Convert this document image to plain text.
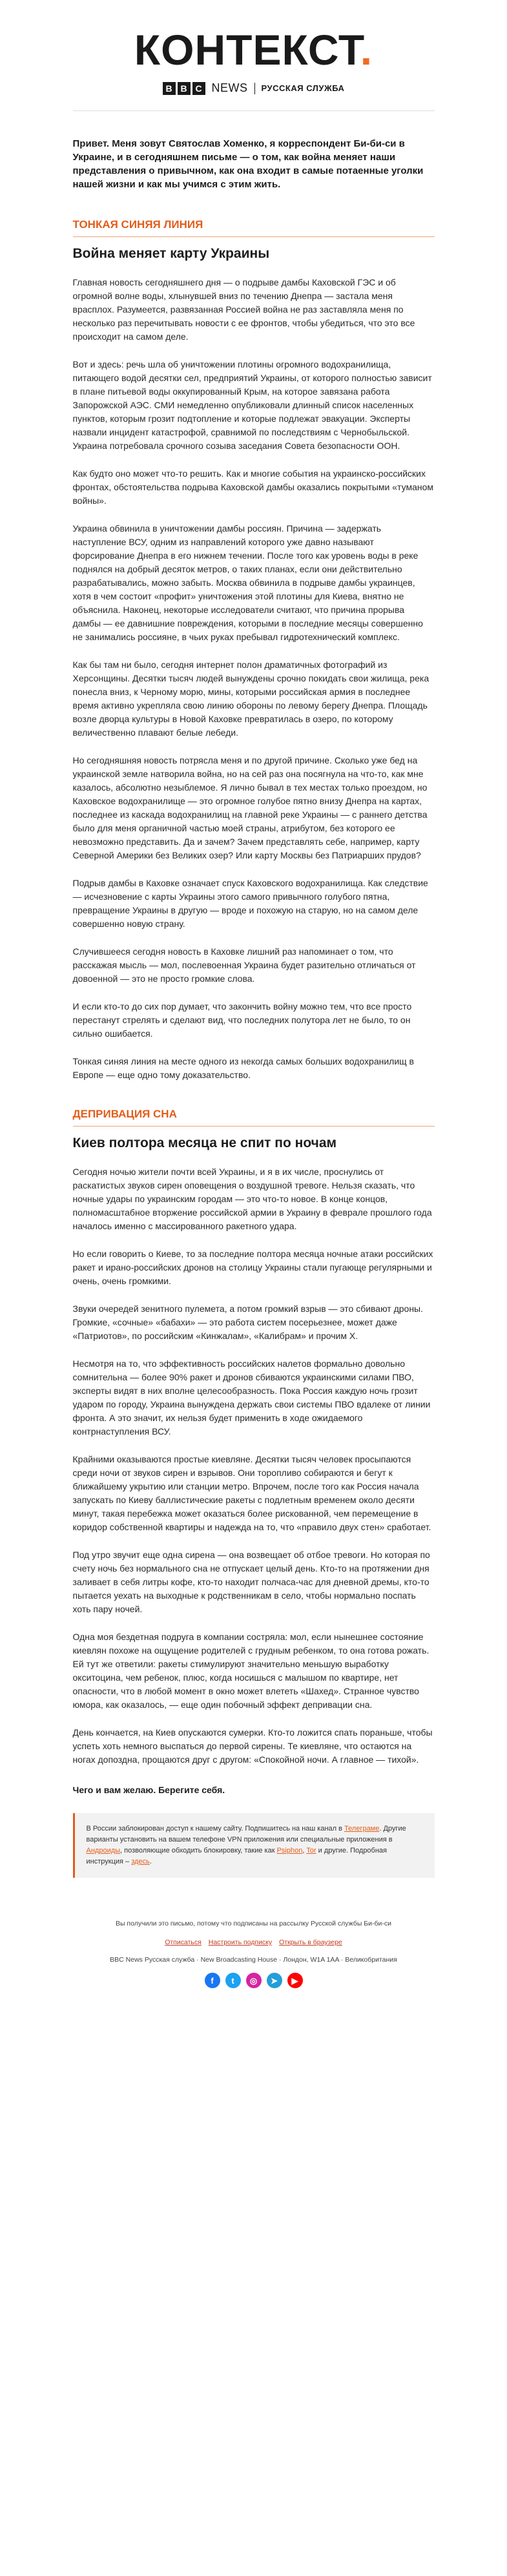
КОНТЕКСТ.
B B C NEWS РУССКАЯ СЛУЖБА

Привет. Меня зовут Святослав Хоменко, я корреспондент Би-би-си в Украине, и в сегодняшнем письме — о том, как война меняет наши представления о привычном, как она входит в самые потаенные уголки нашей жизни и как мы учимся с этим жить.

ТОНКАЯ СИНЯЯ ЛИНИЯ
Война меняет карту Украины

Главная новость сегодняшнего дня — о подрыве дамбы Каховской ГЭС и об огромной волне воды, хлынувшей вниз по течению Днепра — застала меня врасплох. Разумеется, развязанная Россией война не раз заставляла меня по несколько раз перечитывать новости с ее фронтов, чтобы убедиться, что это все происходит на самом деле.

Вот и здесь: речь шла об уничтожении плотины огромного водохранилища, питающего водой десятки сел, предприятий Украины, от которого полностью зависит в плане питьевой воды оккупированный Крым, на которое завязана работа Запорожской АЭС. СМИ немедленно опубликовали длинный список населенных пунктов, которым грозит подтопление и которые подлежат эвакуации. Эксперты назвали инцидент катастрофой, сравнимой по последствиям с Чернобыльской. Украина потребовала срочного созыва заседания Совета безопасности ООН.

Как будто оно может что-то решить. Как и многие события на украинско-российских фронтах, обстоятельства подрыва Каховской дамбы оказались покрытыми «туманом войны».

Украина обвинила в уничтожении дамбы россиян. Причина — задержать наступление ВСУ, одним из направлений которого уже давно называют форсирование Днепра в его нижнем течении. После того как уровень воды в реке поднялся на добрый десяток метров, о таких планах, если они действительно разрабатывались, можно забыть. Москва обвинила в подрыве дамбы украинцев, хотя в чем состоит «профит» уничтожения этой плотины для Киева, внятно не объяснила. Наконец, некоторые исследователи считают, что причина прорыва дамбы — ее давнишние повреждения, которыми в последние месяцы совершенно не занимались россияне, в чьих руках пребывал гидротехнический комплекс.

Как бы там ни было, сегодня интернет полон драматичных фотографий из Херсонщины. Десятки тысяч людей вынуждены срочно покидать свои жилища, река понесла вниз, к Черному морю, мины, которыми российская армия в последнее время активно укрепляла свою линию обороны по левому берегу Днепра. Площадь возле дворца культуры в Новой Каховке превратилась в озеро, по которому величественно плавают белые лебеди.

Но сегодняшняя новость потрясла меня и по другой причине. Сколько уже бед на украинской земле натворила война, но на сей раз она посягнула на что-то, как мне казалось, абсолютно незыблемое. Я лично бывал в тех местах только проездом, но Каховское водохранилище — это огромное голубое пятно внизу Днепра на картах, последнее из каскада водохранилищ на главной реке Украины — с раннего детства было для меня органичной частью моей страны, атрибутом, без которого ее невозможно представить. Да и зачем? Зачем представлять себе, например, карту Северной Америки без Великих озер? Или карту Москвы без Патриарших прудов?

Подрыв дамбы в Каховке означает спуск Каховского водохранилища. Как следствие — исчезновение с карты Украины этого самого привычного голубого пятна, превращение Украины в другую — вроде и похожую на старую, но на самом деле совершенно новую страну.

Случившееся сегодня новость в Каховке лишний раз напоминает о том, что расскажая мысль — мол, послевоенная Украина будет разительно отличаться от довоенной — это не просто громкие слова.

И если кто-то до сих пор думает, что закончить войну можно тем, что все просто перестанут стрелять и сделают вид, что последних полутора лет не было, то он сильно ошибается.

Тонкая синяя линия на месте одного из некогда самых больших водохранилищ в Европе — еще одно тому доказательство.

ДЕПРИВАЦИЯ СНА
Киев полтора месяца не спит по ночам

Сегодня ночью жители почти всей Украины, и я в их числе, проснулись от раскатистых звуков сирен оповещения о воздушной тревоге. Нельзя сказать, что ночные удары по украинским городам — это что-то новое. В конце концов, полномасштабное вторжение российской армии в Украину в феврале прошлого года началось именно с массированного ракетного удара.

Но если говорить о Киеве, то за последние полтора месяца ночные атаки российских ракет и ирано-российских дронов на столицу Украины стали пугающе регулярными и очень, очень громкими.

Звуки очередей зенитного пулемета, а потом громкий взрыв — это сбивают дроны. Громкие, «сочные» «бабахи» — это работа систем посерьезнее, может даже «Патриотов», по российским «Кинжалам», «Калибрам» и прочим Х.

Несмотря на то, что эффективность российских налетов формально довольно сомнительна — более 90% ракет и дронов сбиваются украинскими силами ПВО, эксперты видят в них вполне целесообразность. Пока Россия каждую ночь грозит ударом по городу, Украина вынуждена держать свои системы ПВО вдалеке от линии фронта. А это значит, их нельзя будет применить в ходе ожидаемого контрнаступления ВСУ.

Крайними оказываются простые киевляне. Десятки тысяч человек просыпаются среди ночи от звуков сирен и взрывов. Они торопливо собираются и бегут к ближайшему укрытию или станции метро. Впрочем, после того как Россия начала запускать по Киеву баллистические ракеты с подлетным временем около десяти минут, такая перебежка может оказаться более рискованной, чем перемещение в коридор собственной квартиры и надежда на то, что «правило двух стен» сработает.

Под утро звучит еще одна сирена — она возвещает об отбое тревоги. Но которая по счету ночь без нормального сна не отпускает целый день. Кто-то на протяжении дня заливает в себя литры кофе, кто-то находит полчаса-час для дневной дремы, кто-то пытается уехать на выходные к родственникам в село, чтобы нормально поспать хоть пару ночей.

Одна моя бездетная подруга в компании состряла: мол, если нынешнее состояние киевлян похоже на ощущение родителей с грудным ребенком, то она готова рожать. Ей тут же ответили: ракеты стимулируют значительно меньшую выработку окситоцина, чем ребенок, плюс, когда носишься с малышом по квартире, нет опасности, что в любой момент в окно может влететь «Шахед». Странное чувство юмора, как оказалось, — еще один побочный эффект депривации сна.

День кончается, на Киев опускаются сумерки. Кто-то ложится спать пораньше, чтобы успеть хоть немного выспаться до первой сирены. Те киевляне, что остаются на ногах допоздна, прощаются друг с другом: «Спокойной ночи. А главное — тихой».

Чего и вам желаю. Берегите себя.

В России заблокирован доступ к нашему сайту. Подпишитесь на наш канал в Телеграме. Другие варианты установить на вашем телефоне VPN приложения или специальные приложения в Андроиды, позволяющие обходить блокировку, такие как Psiphon, Tor и другие. Подробная инструкция – здесь.

Вы получили это письмо, потому что подписаны на рассылку Русской службы Би-би-си

Отписаться Настроить подписку Открыть в браузере

BBC News Русская служба · New Broadcasting House · Лондон, W1A 1AA · Великобритания

f	t	◎	➤	▶
